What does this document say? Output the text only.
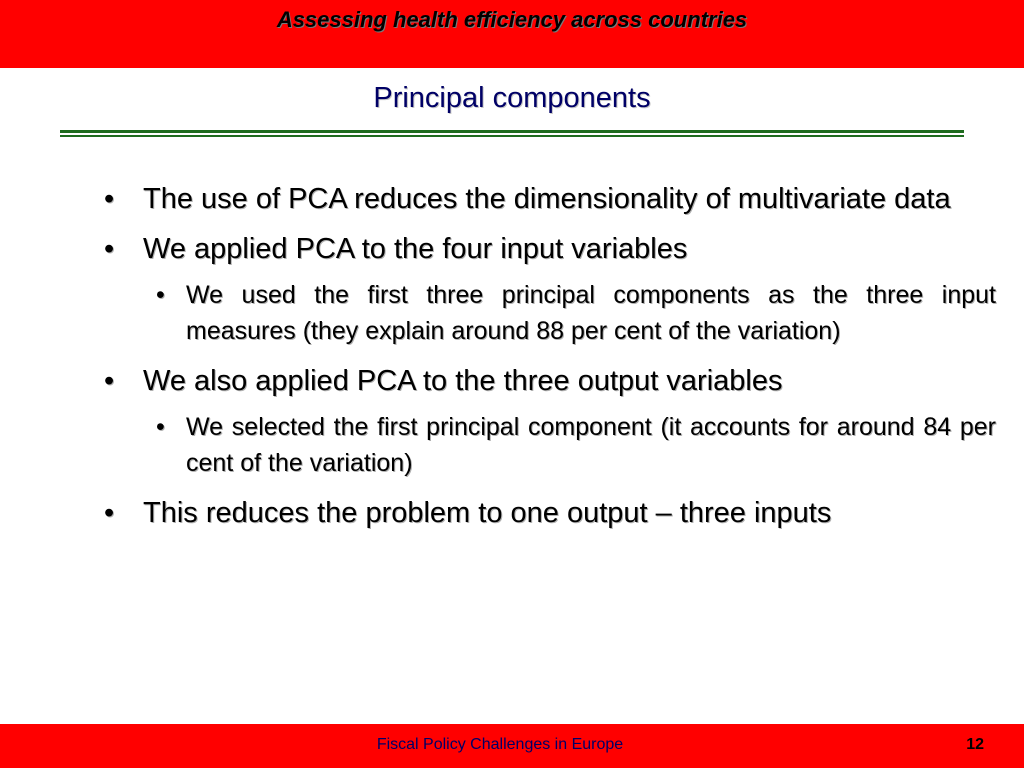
Assessing health efficiency across countries
Principal components
• The use of PCA reduces the dimensionality of multivariate data
• We applied PCA to the four input variables
• We used the first three principal components as the three input measures (they explain around 88 per cent of the variation)
• We also applied PCA to the three output variables
• We selected the first principal component (it accounts for around 84 per cent of the variation)
• This reduces the problem to one output – three inputs
Fiscal Policy Challenges in Europe	12
